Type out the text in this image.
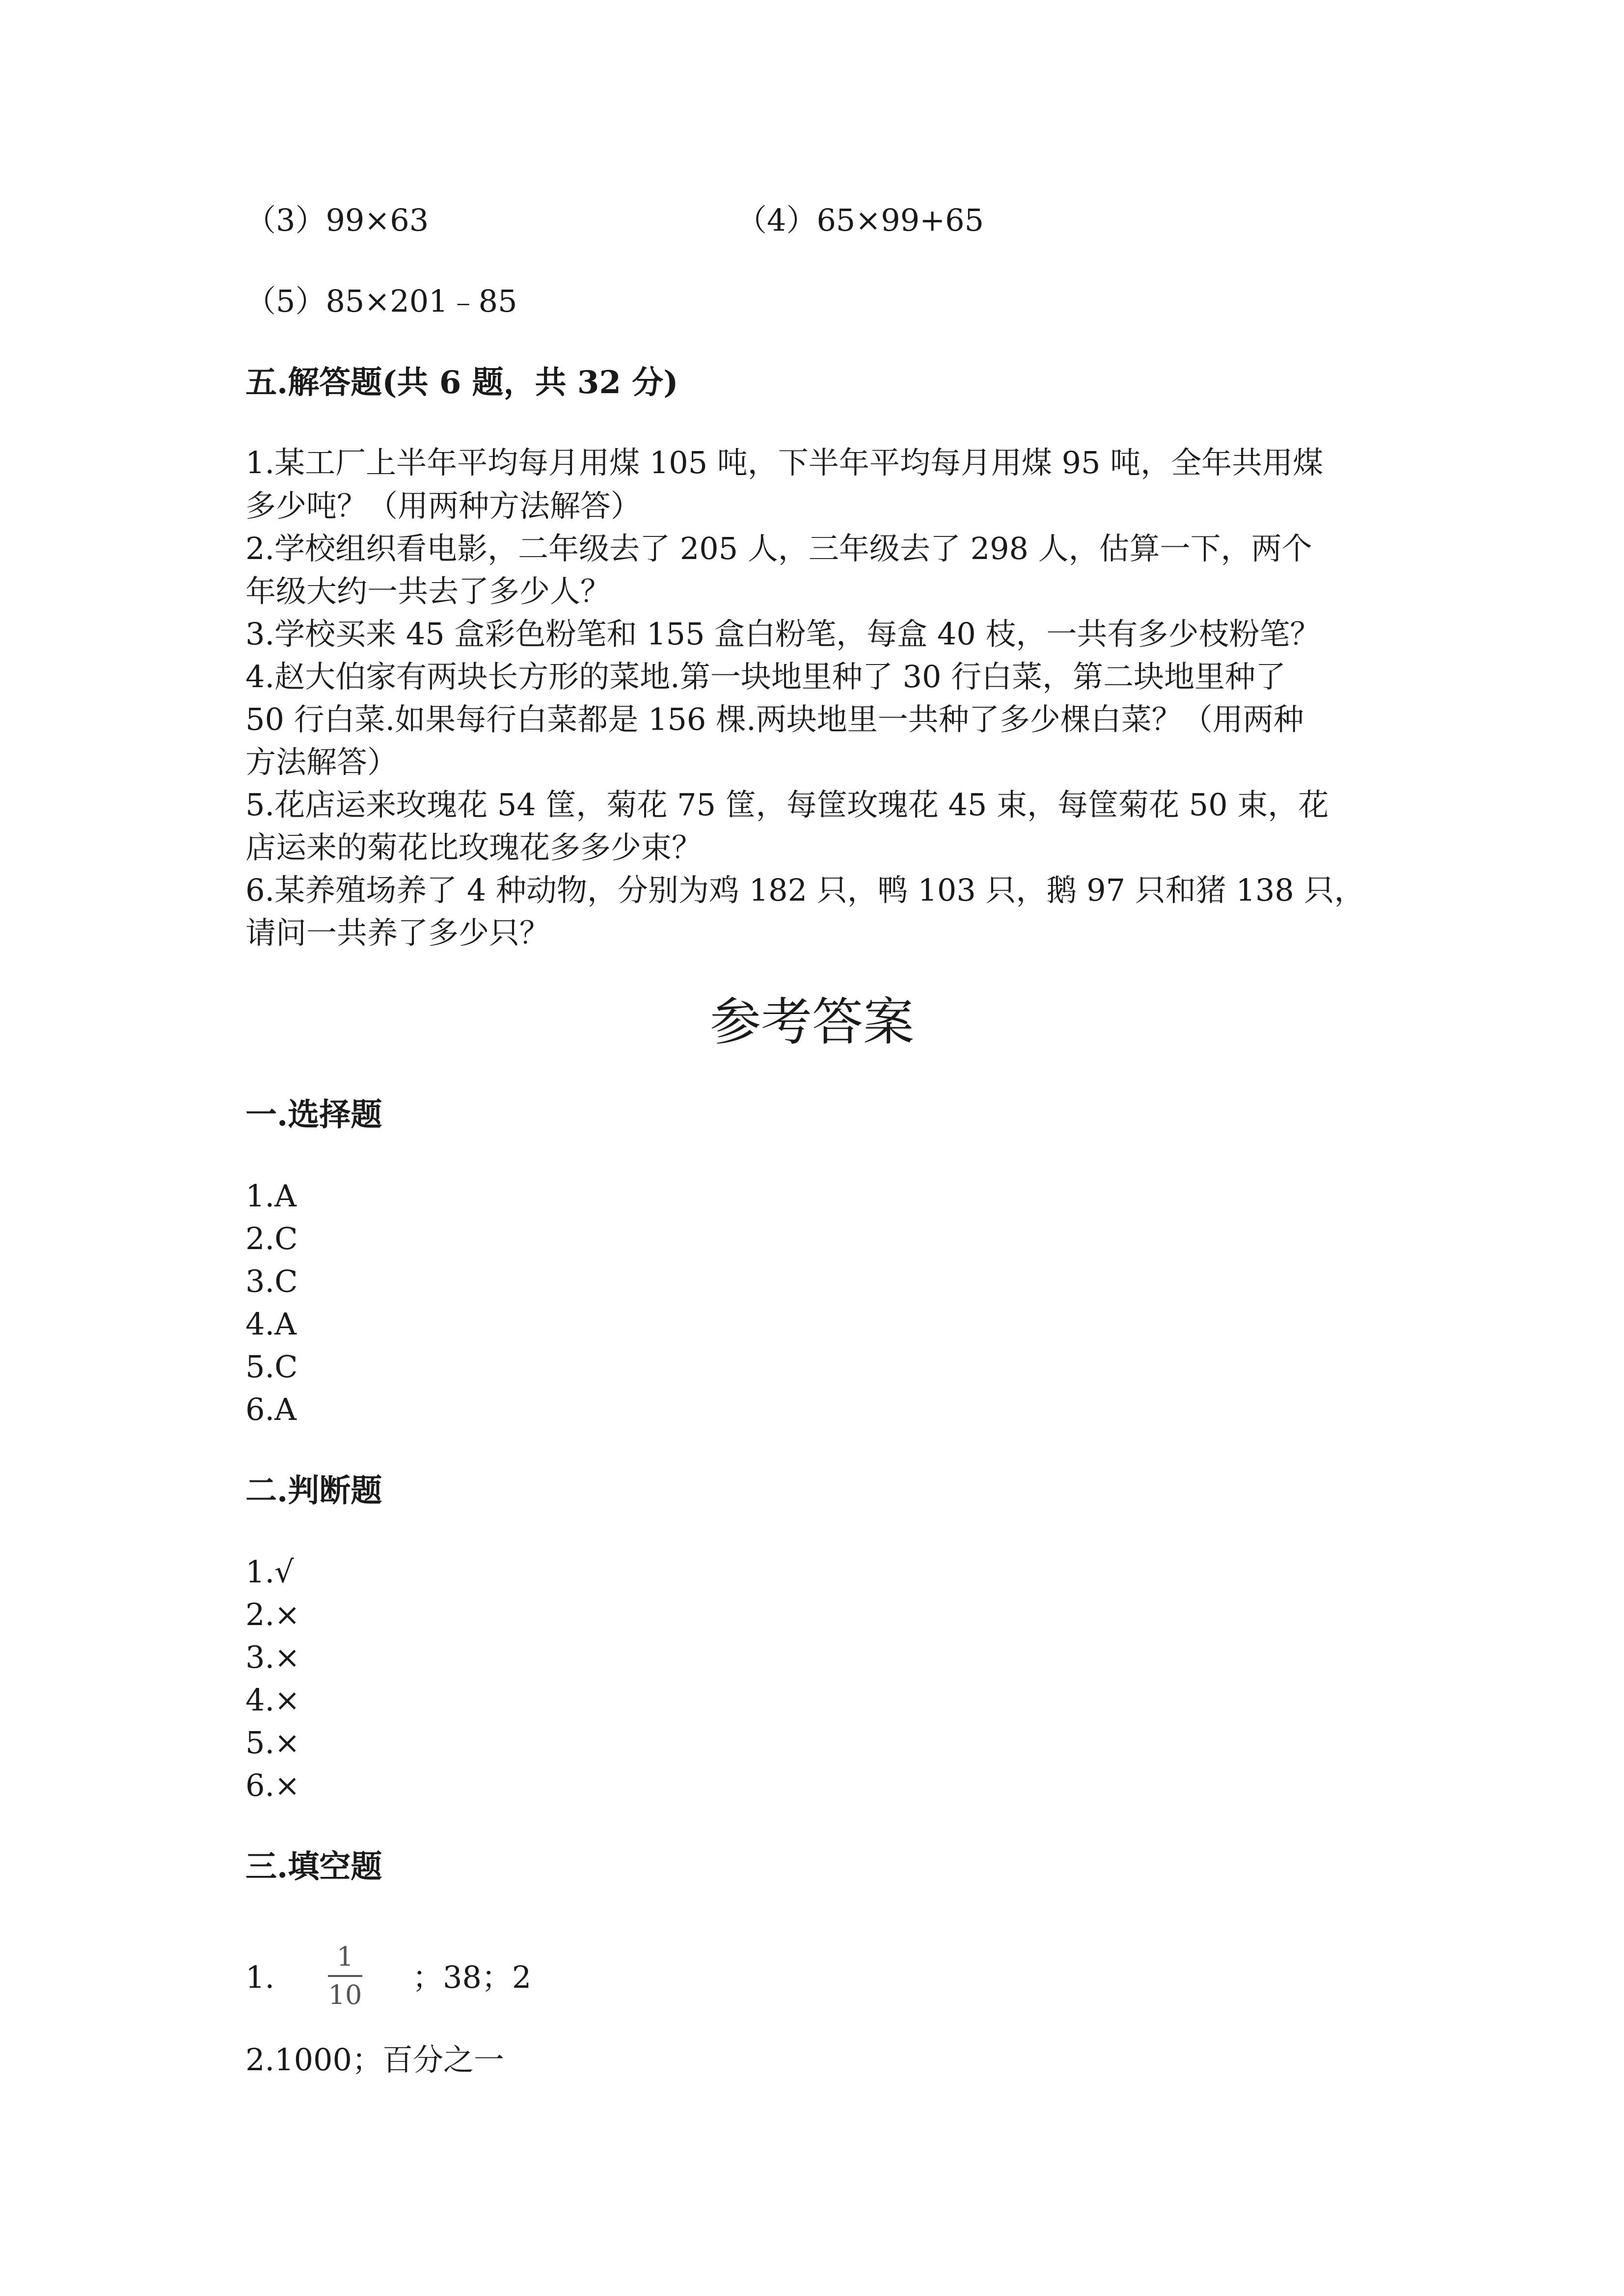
（3）99×63	（4）65×99+65
（5）85×201﹣85
五.解答题(共 6 题，共 32 分)
1.某工厂上半年平均每月用煤 105 吨，下半年平均每月用煤 95 吨，全年共用煤
多少吨？（用两种方法解答）
2.学校组织看电影，二年级去了 205 人，三年级去了 298 人，估算一下，两个
年级大约一共去了多少人？
3.学校买来 45 盒彩色粉笔和 155 盒白粉笔，每盒 40 枝，一共有多少枝粉笔？
4.赵大伯家有两块长方形的菜地.第一块地里种了 30 行白菜，第二块地里种了
50 行白菜.如果每行白菜都是 156 棵.两块地里一共种了多少棵白菜？（用两种
方法解答）
5.花店运来玫瑰花 54 筐，菊花 75 筐，每筐玫瑰花 45 束，每筐菊花 50 束，花
店运来的菊花比玫瑰花多多少束？
6.某养殖场养了 4 种动物，分别为鸡 182 只，鸭 103 只，鹅 97 只和猪 138 只，
请问一共养了多少只？
参考答案
一.选择题
1.A
2.C
3.C
4.A
5.C
6.A
二.判断题
1.√
2.×
3.×
4.×
5.×
6.×
三.填空题
1.
1
10 ；38；2
2.1000；百分之一
